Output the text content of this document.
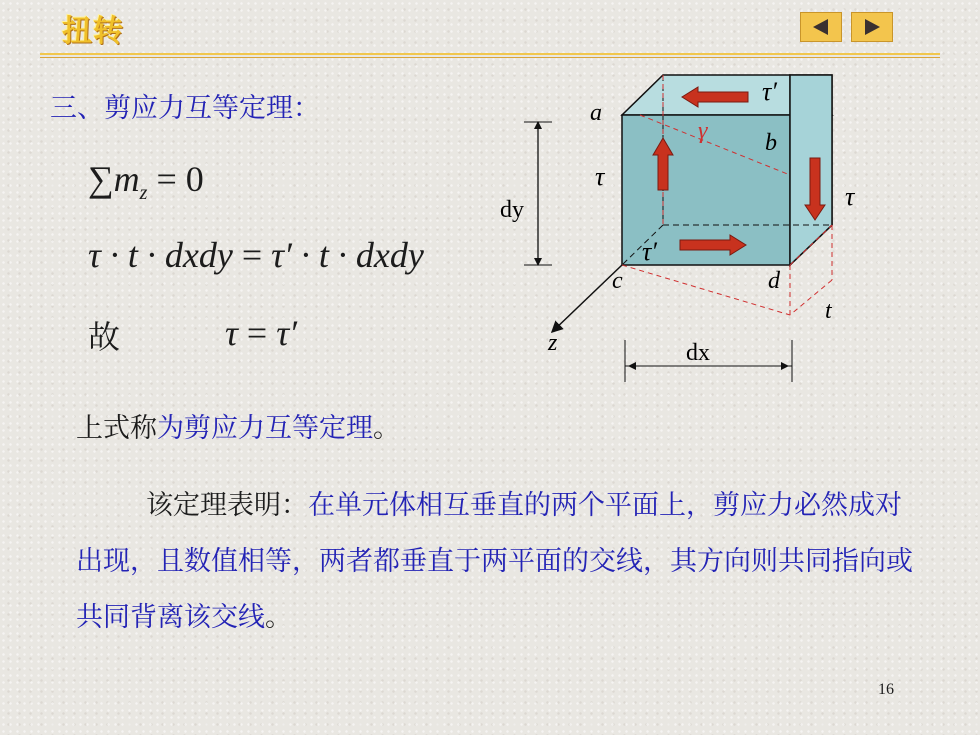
扭转
三、剪应力互等定理：
$\sum m_z = 0$
τ · t · dxdy = τ′ · t · dxdy
故	τ = τ′
a
b
c	d
t
z
dy
dx
τ
τ
τ′
τ′
γ
上式称为剪应力互等定理。
该定理表明：在单元体相互垂直的两个平面上，剪应力必然成对出现，且数值相等，两者都垂直于两平面的交线，其方向则共同指向或共同背离该交线。
16
